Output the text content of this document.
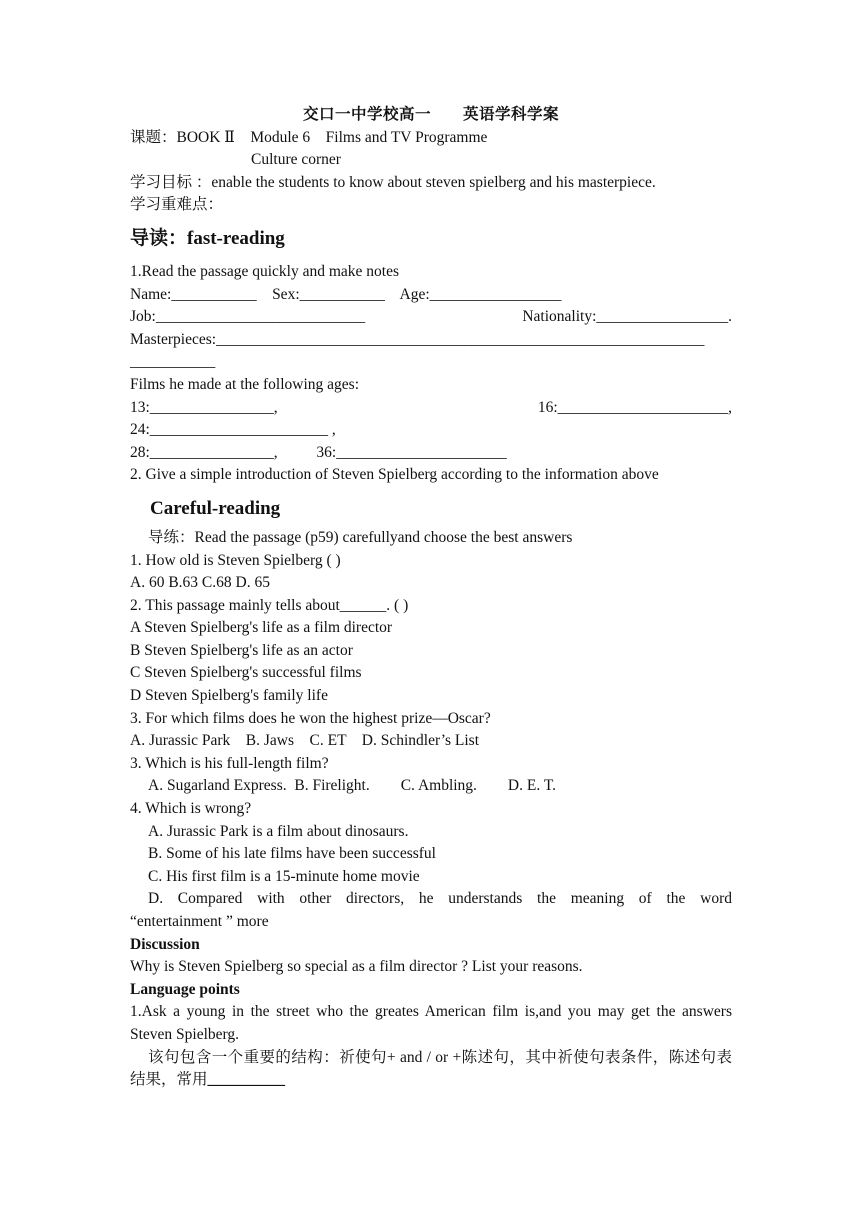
交口一中学校高一　　英语学科学案
课题：BOOK Ⅱ　Module 6　Films and TV Programme
Culture corner
学习目标 ：enable the students to know about steven spielberg and his masterpiece.
学习重难点：
导读：fast-reading
1.Read the passage quickly and make notes
Name:___________    Sex:___________    Age:_________________
Job:___________________________	Nationality:_________________.
Masterpieces:_______________________________________________________________
___________
Films he made at the following ages:
13:________________,	16:______________________,
24:_______________________ ,
28:________________,          36:______________________
2. Give a simple introduction of Steven Spielberg according to the information above
Careful-reading
导练：Read the passage (p59) carefullyand choose the best answers
1. How old is Steven Spielberg ( )
A. 60 B.63 C.68 D. 65
2. This passage mainly tells about______. ( )
A Steven Spielberg's life as a film director
B Steven Spielberg's life as an actor
C Steven Spielberg's successful films
D Steven Spielberg's family life
3. For which films does he won the highest prize—Oscar?
A. Jurassic Park    B. Jaws    C. ET    D. Schindler’s List
3. Which is his full-length film?
A. Sugarland Express.  B. Firelight.        C. Ambling.        D. E. T.
4. Which is wrong?
A. Jurassic Park is a film about dinosaurs.
B. Some of his late films have been successful
C. His first film is a 15-minute home movie
D. Compared with other directors, he understands the meaning of the word
“entertainment ” more
Discussion
Why is Steven Spielberg so special as a film director ? List your reasons.
Language points
1.Ask a young in the street who the greates American film is,and you may get the answers Steven Spielberg.
该句包含一个重要的结构：祈使句+ and / or +陈述句，其中祈使句表条件，陈述句表结果，常用__________
